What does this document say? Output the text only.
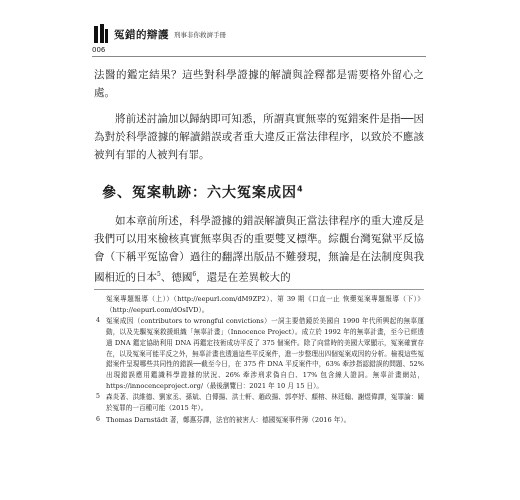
冤錯的辯護 刑事非你救濟手冊
006
法醫的鑑定結果？這些對科學證據的解讀與詮釋都是需要格外留心之處。
將前述討論加以歸納即可知悉，所謂真實無辜的冤錯案件是指──因為對於科學證據的解讀錯誤或者重大違反正當法律程序，以致於不應該被判有罪的人被判有罪。
參、冤案軌跡：六大冤案成因$^4$
如本章前所述，科學證據的錯誤解讀與正當法律程序的重大違反是我們可以用來檢核真實無辜與否的重要雙叉標準。綜觀台灣冤獄平反協會（下稱平冤協會）過往的翻譯出版品不難發現，無論是在法制度與我國相近的日本$^5$、德國$^6$，還是在差異較大的
冤案專題報導（上））（http://eepurl.com/dM9ZP2）、第 39 期《口直一止 恢藥冤案專題報導（下）》（http://eepurl.com/dOsIVD）。
4 冤案成因（contributors to wrongful convictions）一詞主要借鏡於美國自 1990 年代所興起的無辜運動，以及先驅冤案救援組織「無辜計畫」（Innocence Project）。成立於 1992 年的無辜計畫，至今已經透過 DNA 鑑定協助利用 DNA 再鑑定技術成功平反了 375 個案件。除了向當時的美國大眾顯示，冤案確實存在，以及冤案可能平反之外，無辜計畫也透過這些平反案件，進一步整理出四個冤案成因的分析。檢視這些冤錯案件呈現哪些共同性的錯誤──截至今日，在 375 件 DNA 平反案件中，63% 牽涉指認錯誤的問題、52% 出現錯誤應用鑑識科學證據的狀況、26% 牽涉刑求偽自白、17% 包含線人證詞。無辜計畫網站，https://innocenceproject.org/（最後瀏覽日：2021 年 10 月 15 日）。
5 森炎著、洪維德、劉家丞、孫斌、白傳揚、洪士軒、趙政揚、郭亭妤、顏榕、林廷翰、謝煜偉譯，冤罪論：關於冤罪的一百種可能（2015 年）。
6 Thomas Darnstädt 著，鄭惠芬譯，法官的被害人：德國冤案事件簿（2016 年）。
